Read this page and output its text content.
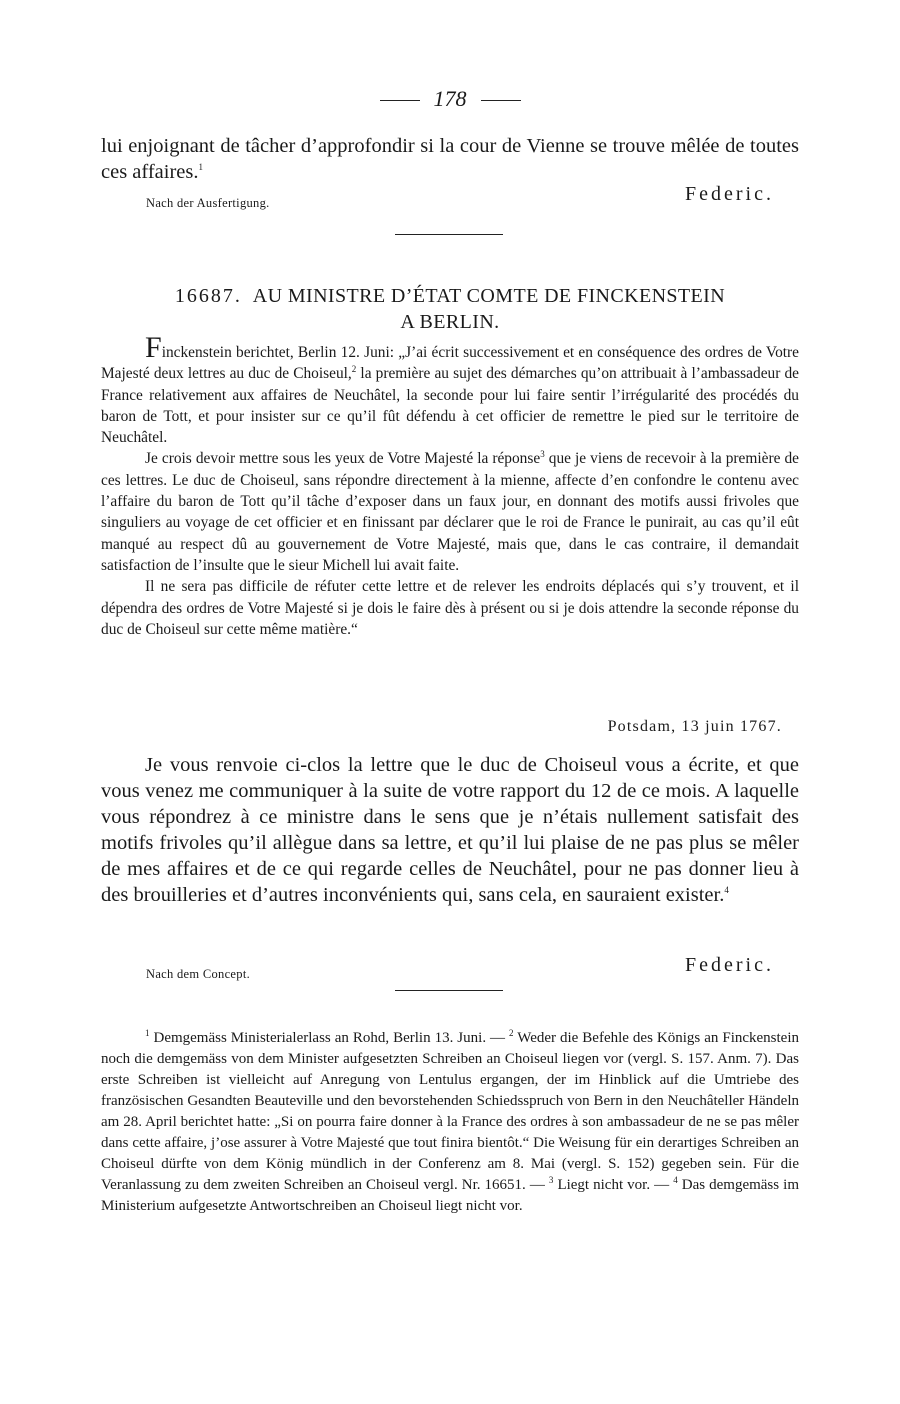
178

lui enjoignant de tâcher d’approfondir si la cour de Vienne se trouve mêlée de toutes ces affaires.$^1$

Nach der Ausfertigung.	Federic.
16687. AU MINISTRE D’ÉTAT COMTE DE FINCKENSTEIN
A BERLIN.

Finckenstein berichtet, Berlin 12. Juni: „J’ai écrit successivement et en conséquence des ordres de Votre Majesté deux lettres au duc de Choiseul,$^2$ la première au sujet des démarches qu’on attribuait à l’ambassadeur de France relativement aux affaires de Neuchâtel, la seconde pour lui faire sentir l’irrégularité des procédés du baron de Tott, et pour insister sur ce qu’il fût défendu à cet officier de remettre le pied sur le territoire de Neuchâtel.

Je crois devoir mettre sous les yeux de Votre Majesté la réponse$^3$ que je viens de recevoir à la première de ces lettres. Le duc de Choiseul, sans répondre directement à la mienne, affecte d’en confondre le contenu avec l’affaire du baron de Tott qu’il tâche d’exposer dans un faux jour, en donnant des motifs aussi frivoles que singuliers au voyage de cet officier et en finissant par déclarer que le roi de France le punirait, au cas qu’il eût manqué au respect dû au gouvernement de Votre Majesté, mais que, dans le cas contraire, il demandait satisfaction de l’insulte que le sieur Michell lui avait faite.

Il ne sera pas difficile de réfuter cette lettre et de relever les endroits déplacés qui s’y trouvent, et il dépendra des ordres de Votre Majesté si je dois le faire dès à présent ou si je dois attendre la seconde réponse du duc de Choiseul sur cette même matière.“

Potsdam, 13 juin 1767.

Je vous renvoie ci-clos la lettre que le duc de Choiseul vous a écrite, et que vous venez me communiquer à la suite de votre rapport du 12 de ce mois. A laquelle vous répondrez à ce ministre dans le sens que je n’étais nullement satisfait des motifs frivoles qu’il allègue dans sa lettre, et qu’il lui plaise de ne pas plus se mêler de mes affaires et de ce qui regarde celles de Neuchâtel, pour ne pas donner lieu à des brouilleries et d’autres inconvénients qui, sans cela, en sauraient exister.$^4$

Nach dem Concept.	Federic.

$^1$ Demgemäss Ministerialerlass an Rohd, Berlin 13. Juni. — $^2$ Weder die Befehle des Königs an Finckenstein noch die demgemäss von dem Minister aufgesetzten Schreiben an Choiseul liegen vor (vergl. S. 157. Anm. 7). Das erste Schreiben ist vielleicht auf Anregung von Lentulus ergangen, der im Hinblick auf die Umtriebe des französischen Gesandten Beauteville und den bevorstehenden Schiedsspruch von Bern in den Neuchâteller Händeln am 28. April berichtet hatte: „Si on pourra faire donner à la France des ordres à son ambassadeur de ne se pas mêler dans cette affaire, j’ose assurer à Votre Majesté que tout finira bientôt.“ Die Weisung für ein derartiges Schreiben an Choiseul dürfte von dem König mündlich in der Conferenz am 8. Mai (vergl. S. 152) gegeben sein. Für die Veranlassung zu dem zweiten Schreiben an Choiseul vergl. Nr. 16651. — $^3$ Liegt nicht vor. — $^4$ Das demgemäss im Ministerium aufgesetzte Antwortschreiben an Choiseul liegt nicht vor.
